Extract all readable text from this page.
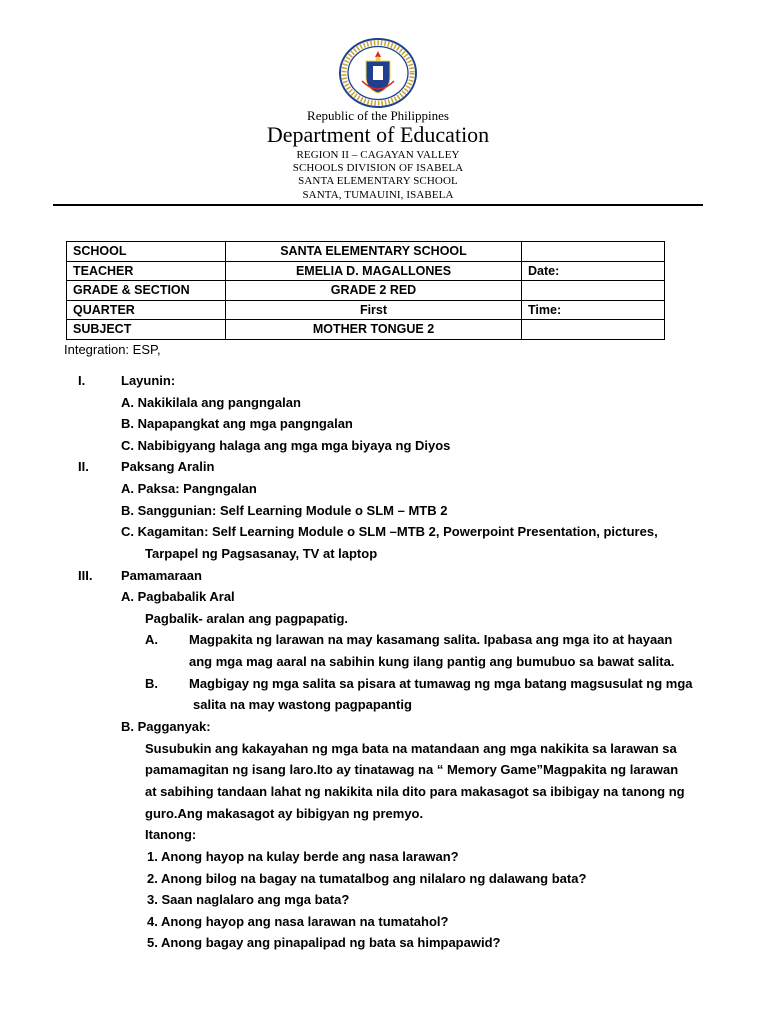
Republic of the Philippines
Department of Education
REGION II – CAGAYAN VALLEY
SCHOOLS DIVISION OF ISABELA
SANTA ELEMENTARY SCHOOL
SANTA, TUMAUINI, ISABELA
SCHOOL	SANTA ELEMENTARY SCHOOL	
TEACHER	EMELIA D. MAGALLONES	Date:
GRADE & SECTION	GRADE 2 RED	
QUARTER	First	Time:
SUBJECT	MOTHER TONGUE 2	
Integration: ESP,
I.	Layunin:
A. Nakikilala ang pangngalan
B. Napapangkat ang mga pangngalan
C. Nabibigyang halaga ang mga mga biyaya ng Diyos
II. Paksang Aralin
A. Paksa: Pangngalan
B. Sanggunian: Self Learning Module o SLM – MTB 2
C. Kagamitan: Self Learning Module o SLM –MTB 2, Powerpoint Presentation, pictures,
Tarpapel ng Pagsasanay, TV at laptop
III. Pamamaraan
A. Pagbabalik Aral
Pagbalik- aralan ang pagpapatig.
A. Magpakita ng larawan na may kasamang salita. Ipabasa ang mga ito at hayaan
ang mga mag aaral na sabihin kung ilang pantig ang bumubuo sa bawat salita.
B. Magbigay ng mga salita sa pisara at tumawag ng mga batang magsusulat ng mga
salita na may wastong pagpapantig
B. Pagganyak:
Susubukin ang kakayahan ng mga bata na matandaan ang mga nakikita sa larawan sa
pamamagitan ng isang laro.Ito ay tinatawag na “ Memory Game”Magpakita ng larawan
at sabihing tandaan lahat ng nakikita nila dito para makasagot sa ibibigay na tanong ng
guro.Ang makasagot ay bibigyan ng premyo.
Itanong:
1. Anong hayop na kulay berde ang nasa larawan?
2. Anong bilog na bagay na tumatalbog ang nilalaro ng dalawang bata?
3. Saan naglalaro ang mga bata?
4. Anong hayop ang nasa larawan na tumatahol?
5. Anong bagay ang pinapalipad ng bata sa himpapawid?
